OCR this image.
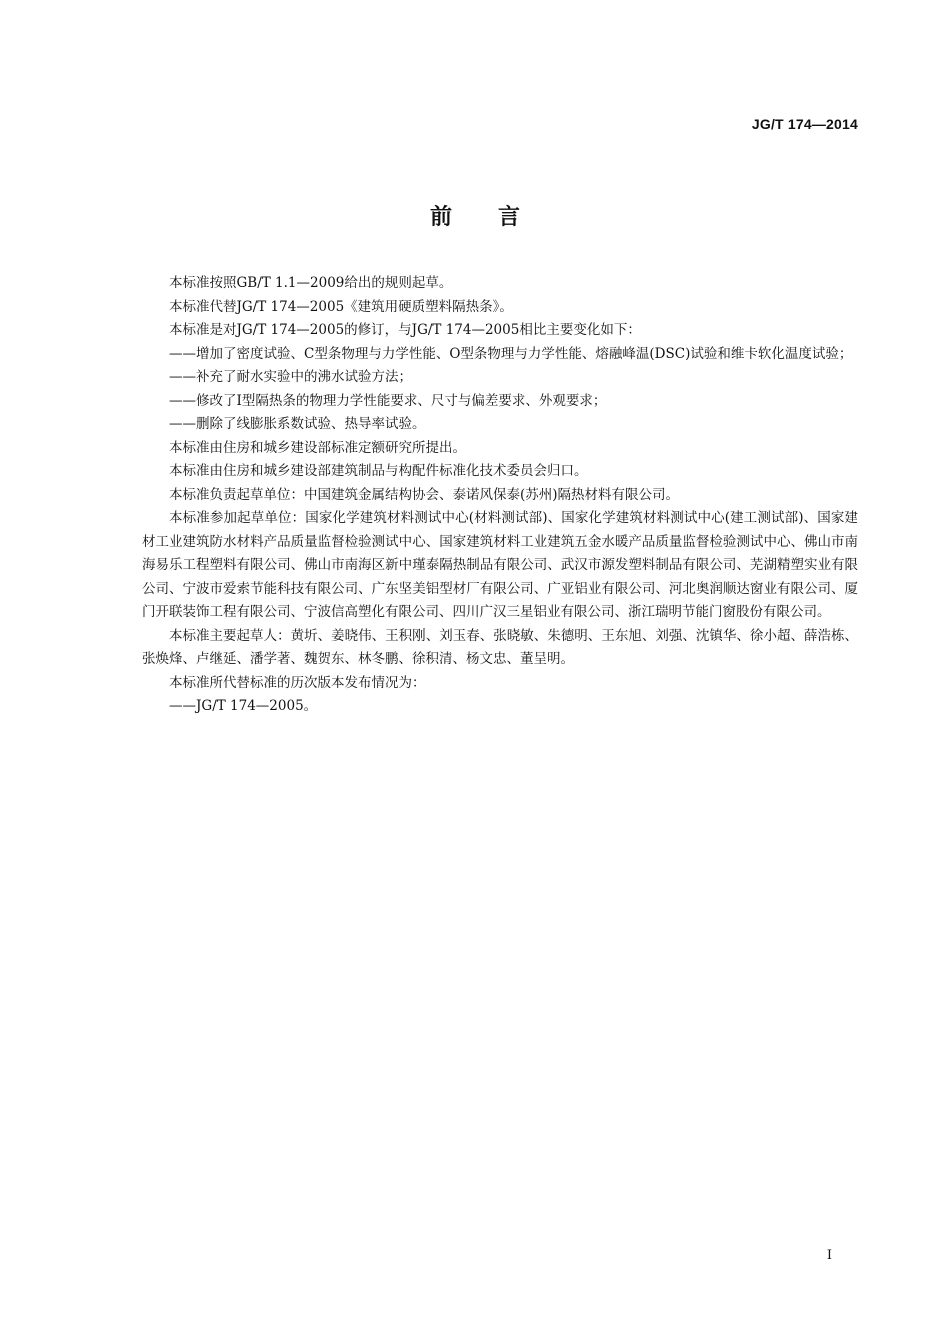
JG/T 174—2014
前言

本标准按照GB/T 1.1—2009给出的规则起草。

本标准代替JG/T 174—2005《建筑用硬质塑料隔热条》。

本标准是对JG/T 174—2005的修订，与JG/T 174—2005相比主要变化如下：

——增加了密度试验、C型条物理与力学性能、O型条物理与力学性能、熔融峰温(DSC)试验和维卡软化温度试验；

——补充了耐水实验中的沸水试验方法；

——修改了Ⅰ型隔热条的物理力学性能要求、尺寸与偏差要求、外观要求；

——删除了线膨胀系数试验、热导率试验。

本标准由住房和城乡建设部标准定额研究所提出。

本标准由住房和城乡建设部建筑制品与构配件标准化技术委员会归口。

本标准负责起草单位：中国建筑金属结构协会、泰诺风保泰(苏州)隔热材料有限公司。

本标准参加起草单位：国家化学建筑材料测试中心(材料测试部)、国家化学建筑材料测试中心(建工测试部)、国家建材工业建筑防水材料产品质量监督检验测试中心、国家建筑材料工业建筑五金水暖产品质量监督检验测试中心、佛山市南海易乐工程塑料有限公司、佛山市南海区新中瑾泰隔热制品有限公司、武汉市源发塑料制品有限公司、芜湖精塑实业有限公司、宁波市爱索节能科技有限公司、广东坚美铝型材厂有限公司、广亚铝业有限公司、河北奥润顺达窗业有限公司、厦门开联装饰工程有限公司、宁波信高塑化有限公司、四川广汉三星铝业有限公司、浙江瑞明节能门窗股份有限公司。

本标准主要起草人：黄圻、姜晓伟、王积刚、刘玉春、张晓敏、朱德明、王东旭、刘强、沈镇华、徐小超、薛浩栋、张焕烽、卢继延、潘学著、魏贺东、林冬鹏、徐积清、杨文忠、董呈明。

本标准所代替标准的历次版本发布情况为：

——JG/T 174—2005。

I
